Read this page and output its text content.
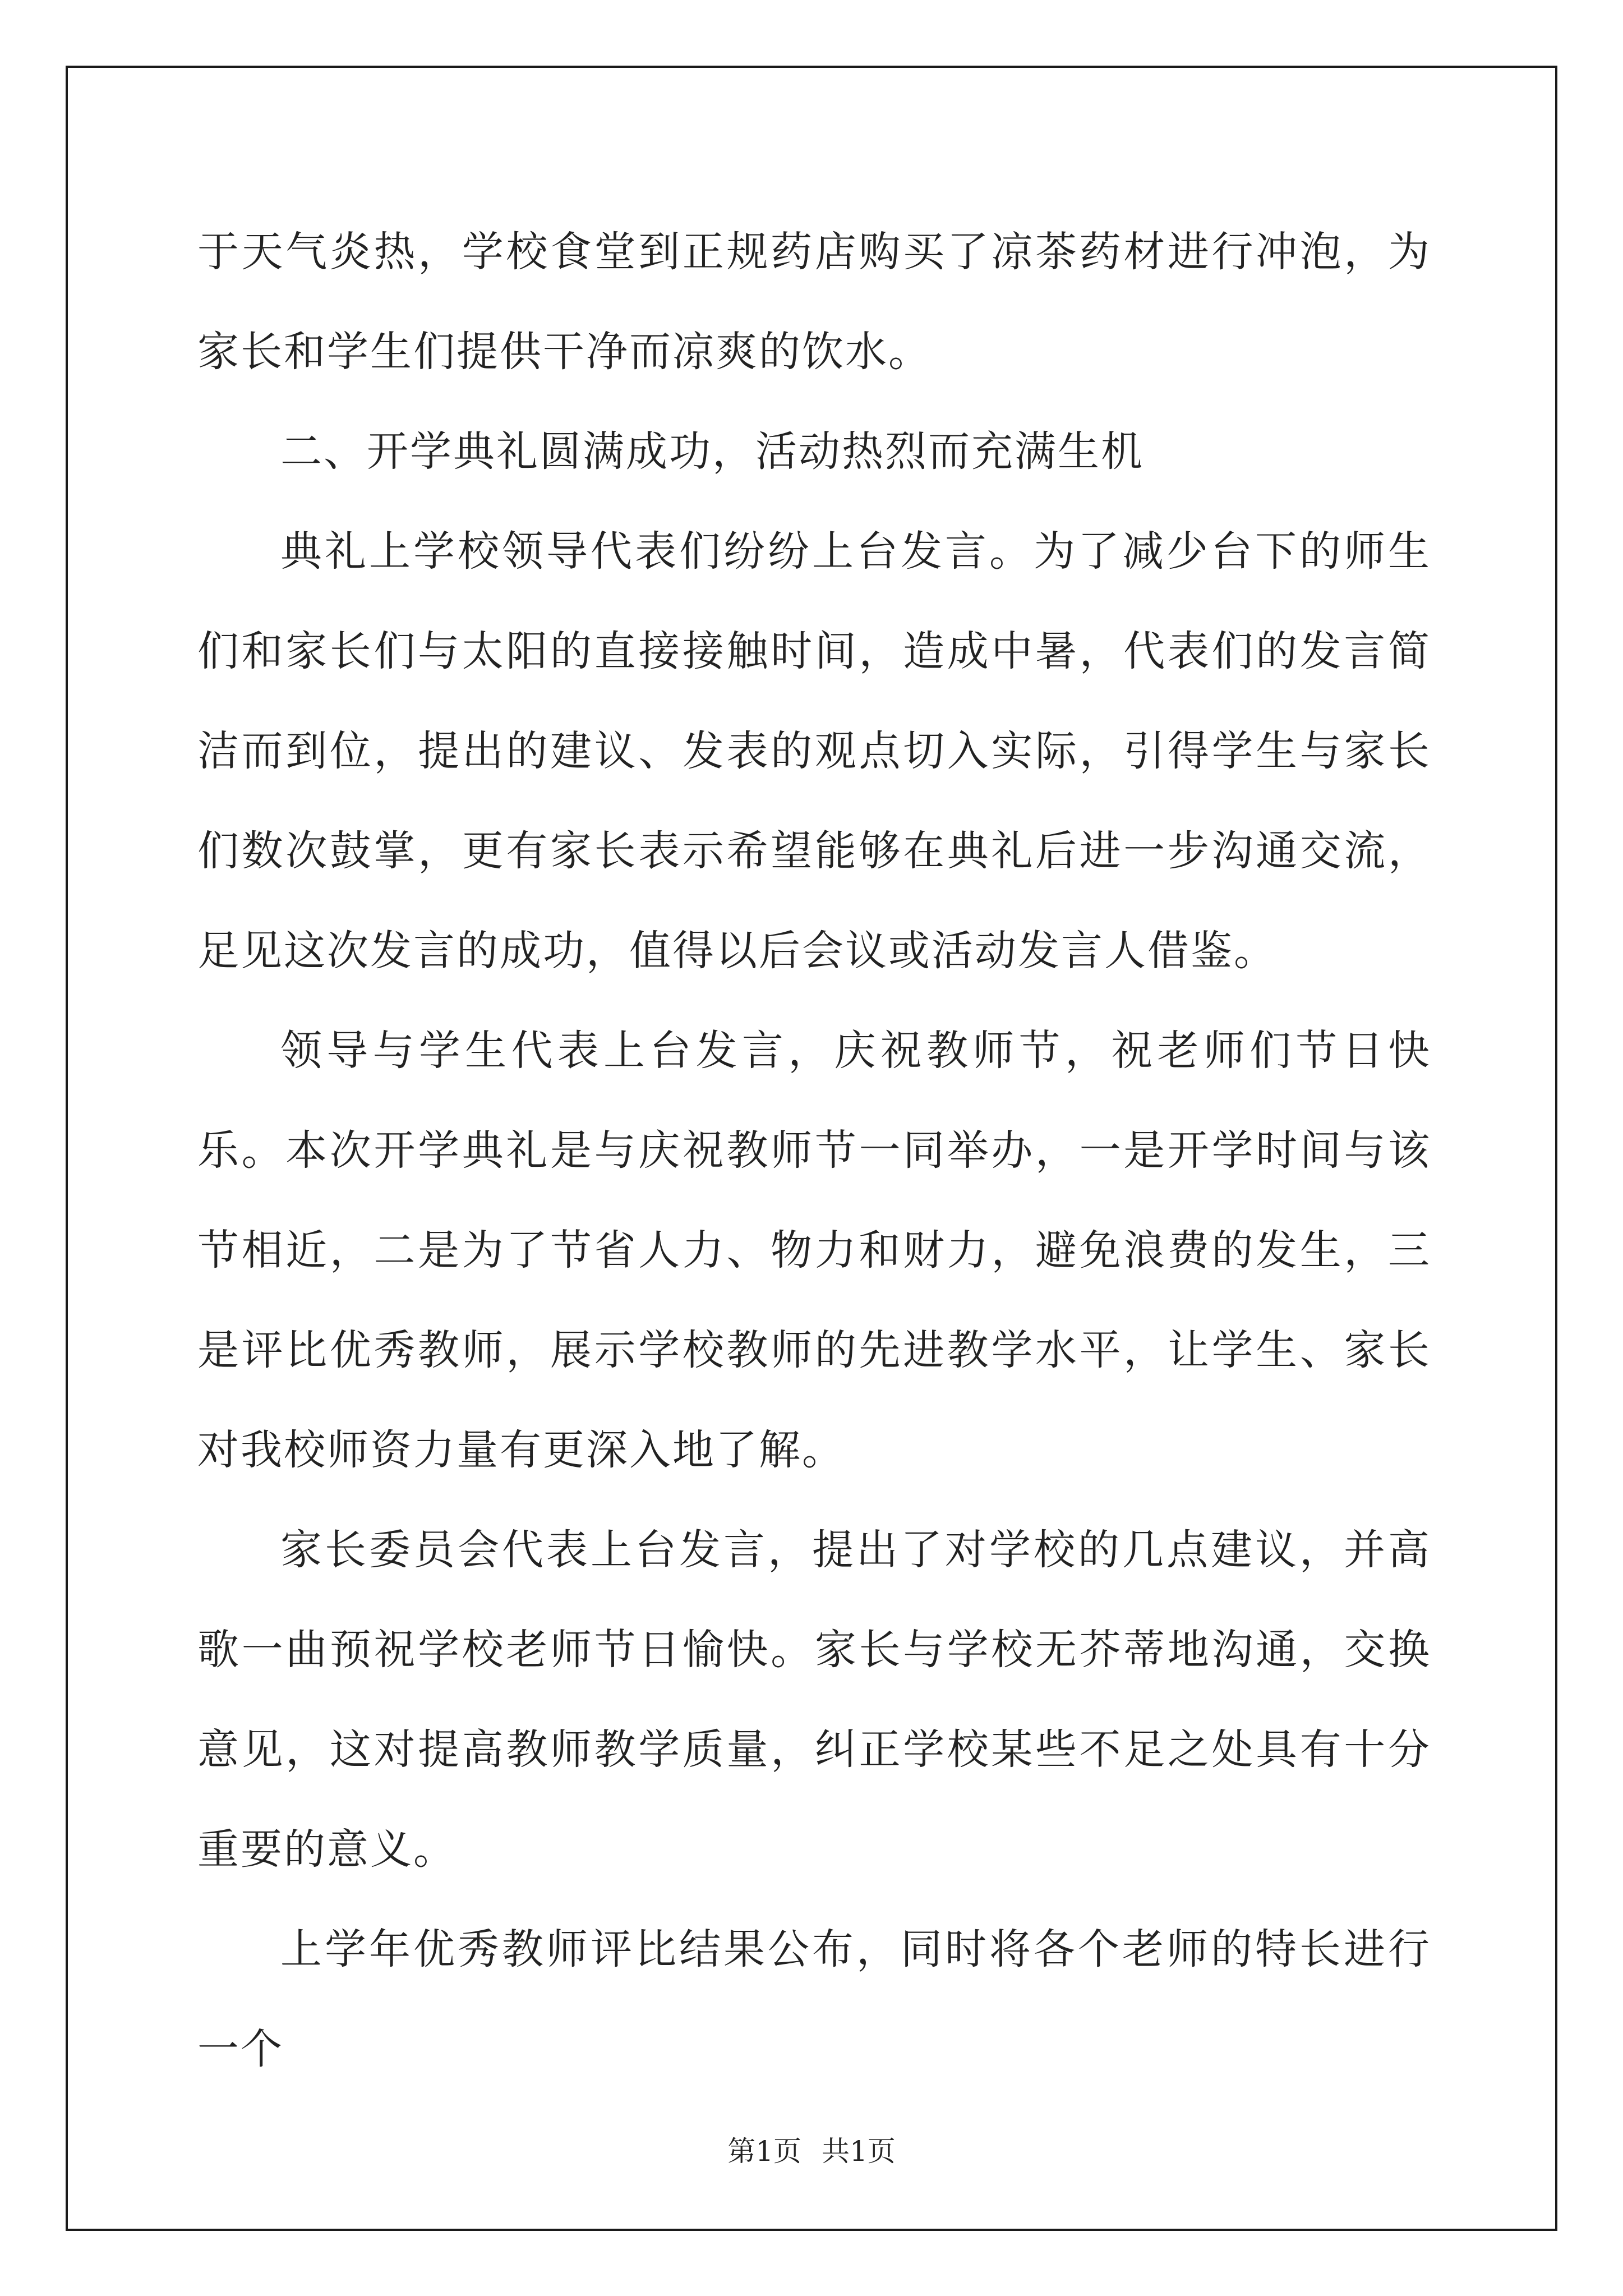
于天气炎热，学校食堂到正规药店购买了凉茶药材进行冲泡，为家长和学生们提供干净而凉爽的饮水。

二、开学典礼圆满成功，活动热烈而充满生机

典礼上学校领导代表们纷纷上台发言。为了减少台下的师生们和家长们与太阳的直接接触时间，造成中暑，代表们的发言简洁而到位，提出的建议、发表的观点切入实际，引得学生与家长们数次鼓掌，更有家长表示希望能够在典礼后进一步沟通交流，足见这次发言的成功，值得以后会议或活动发言人借鉴。

领导与学生代表上台发言，庆祝教师节，祝老师们节日快乐。本次开学典礼是与庆祝教师节一同举办，一是开学时间与该节相近，二是为了节省人力、物力和财力，避免浪费的发生，三是评比优秀教师，展示学校教师的先进教学水平，让学生、家长对我校师资力量有更深入地了解。

家长委员会代表上台发言，提出了对学校的几点建议，并高歌一曲预祝学校老师节日愉快。家长与学校无芥蒂地沟通，交换意见，这对提高教师教学质量，纠正学校某些不足之处具有十分重要的意义。

上学年优秀教师评比结果公布，同时将各个老师的特长进行一个

第1页 共1页
